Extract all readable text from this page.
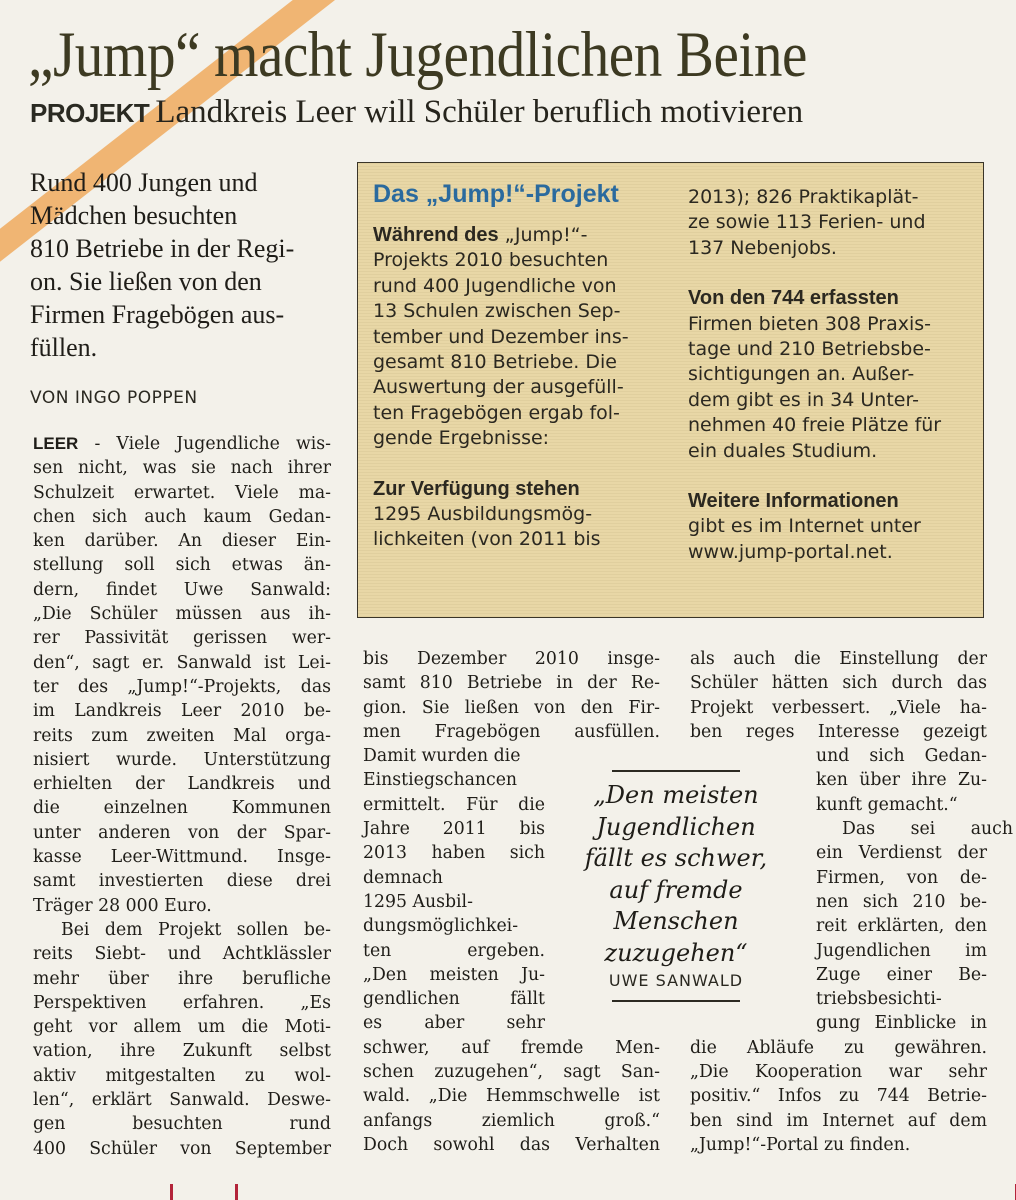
„Jump“ macht Jugendlichen Beine
PROJEKT Landkreis Leer will Schüler beruflich motivieren
Rund 400 Jungen und
Mädchen besuchten
810 Betriebe in der Regi-
on. Sie ließen von den
Firmen Fragebögen aus-
füllen.
VON INGO POPPEN
LEER - Viele Jugendliche wis-
sen nicht, was sie nach ihrer
Schulzeit erwartet. Viele ma-
chen sich auch kaum Gedan-
ken darüber. An dieser Ein-
stellung soll sich etwas än-
dern, findet Uwe Sanwald:
„Die Schüler müssen aus ih-
rer Passivität gerissen wer-
den“, sagt er. Sanwald ist Lei-
ter des „Jump!“-Projekts, das
im Landkreis Leer 2010 be-
reits zum zweiten Mal orga-
nisiert wurde. Unterstützung
erhielten der Landkreis und
die einzelnen Kommunen
unter anderen von der Spar-
kasse Leer-Wittmund. Insge-
samt investierten diese drei
Träger 28 000 Euro.
Bei dem Projekt sollen be-
reits Siebt- und Achtklässler
mehr über ihre berufliche
Perspektiven erfahren. „Es
geht vor allem um die Moti-
vation, ihre Zukunft selbst
aktiv mitgestalten zu wol-
len“, erklärt Sanwald. Deswe-
gen besuchten rund
400 Schüler von September
Das „Jump!“-Projekt
Während des „Jump!“-
Projekts 2010 besuchten
rund 400 Jugendliche von
13 Schulen zwischen Sep-
tember und Dezember ins-
gesamt 810 Betriebe. Die
Auswertung der ausgefüll-
ten Fragebögen ergab fol-
gende Ergebnisse:
Zur Verfügung stehen
1295 Ausbildungsmög-
lichkeiten (von 2011 bis
2013); 826 Praktikaplät-
ze sowie 113 Ferien- und
137 Nebenjobs.
Von den 744 erfassten
Firmen bieten 308 Praxis-
tage und 210 Betriebsbe-
sichtigungen an. Außer-
dem gibt es in 34 Unter-
nehmen 40 freie Plätze für
ein duales Studium.
Weitere Informationen
gibt es im Internet unter
www.jump-portal.net.
bis Dezember 2010 insge-
samt 810 Betriebe in der Re-
gion. Sie ließen von den Fir-
men Fragebögen ausfüllen.
Damit wurden die
Einstiegschancen
ermittelt. Für die
Jahre 2011 bis
2013 haben sich
demnach
1295 Ausbil-
dungsmöglichkei-
ten ergeben.
„Den meisten Ju-
gendlichen fällt
es aber sehr
schwer, auf fremde Men-
schen zuzugehen“, sagt San-
wald. „Die Hemmschwelle ist
anfangs ziemlich groß.“
Doch sowohl das Verhalten
„Den meisten
Jugendlichen
fällt es schwer,
auf fremde
Menschen
zuzugehen“
UWE SANWALD
als auch die Einstellung der
Schüler hätten sich durch das
Projekt verbessert. „Viele ha-
ben reges Interesse gezeigt
und sich Gedan-
ken über ihre Zu-
kunft gemacht.“
Das sei auch
ein Verdienst der
Firmen, von de-
nen sich 210 be-
reit erklärten, den
Jugendlichen im
Zuge einer Be-
triebsbesichti-
gung Einblicke in
die Abläufe zu gewähren.
„Die Kooperation war sehr
positiv.“ Infos zu 744 Betrie-
ben sind im Internet auf dem
„Jump!“-Portal zu finden.
